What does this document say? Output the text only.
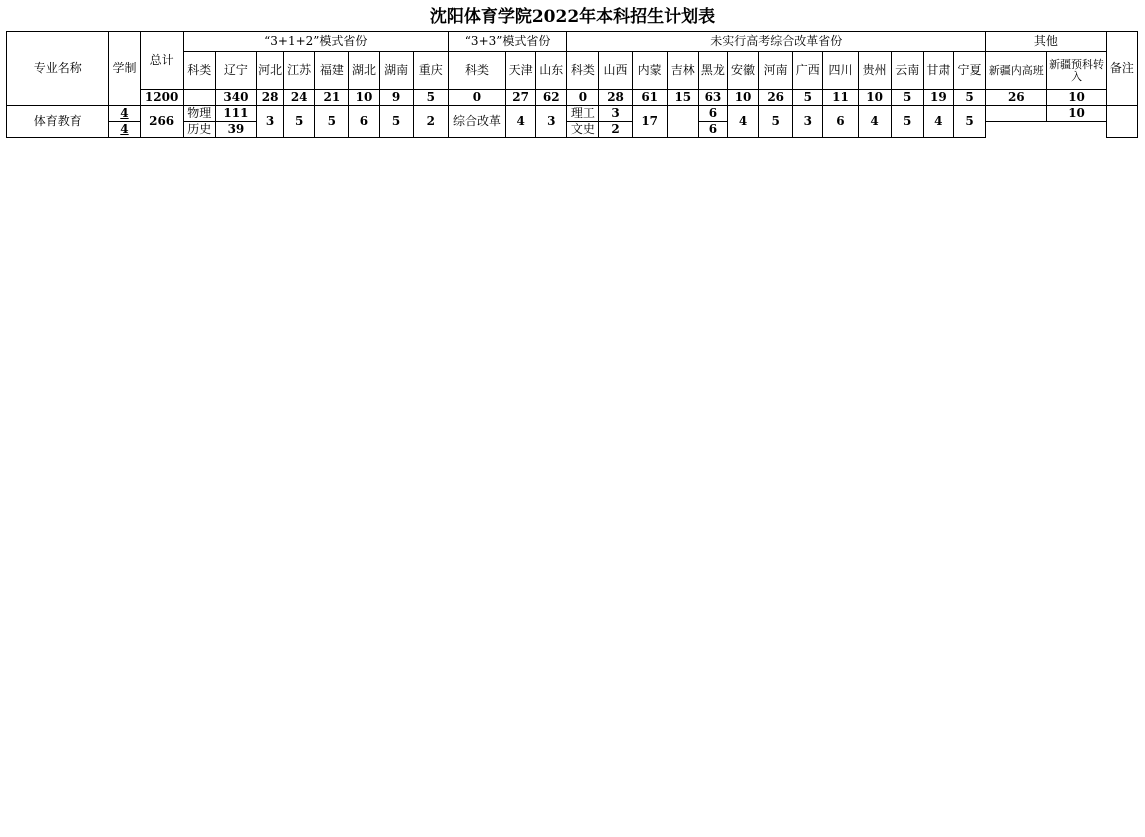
沈阳体育学院2022年本科招生计划表
专业名称	学制	总计	“3+1+2”模式省份								“3+3”模式省份			未实行高考综合改革省份													其他		备注
			科类	辽宁	河北	江苏	福建	湖北	湖南	重庆	科类	天津	山东	科类	山西	内蒙	吉林	黑龙	安徽	河南	广西	四川	贵州	云南	甘肃	宁夏	新疆内高班	新疆预科转入	
		1200		340	28	24	21	10	9	5	0	27	62	0	28	61	15	63	10	26	5	11	10	5	19	5	26	10	
体育教育	4	266	物理	111	3	5	5	6	5	2	综合改革	4	3	理工	3	17		6	4	5	3	6	4	5	4	5		10	
	4		历史	39										文史	2			6											
